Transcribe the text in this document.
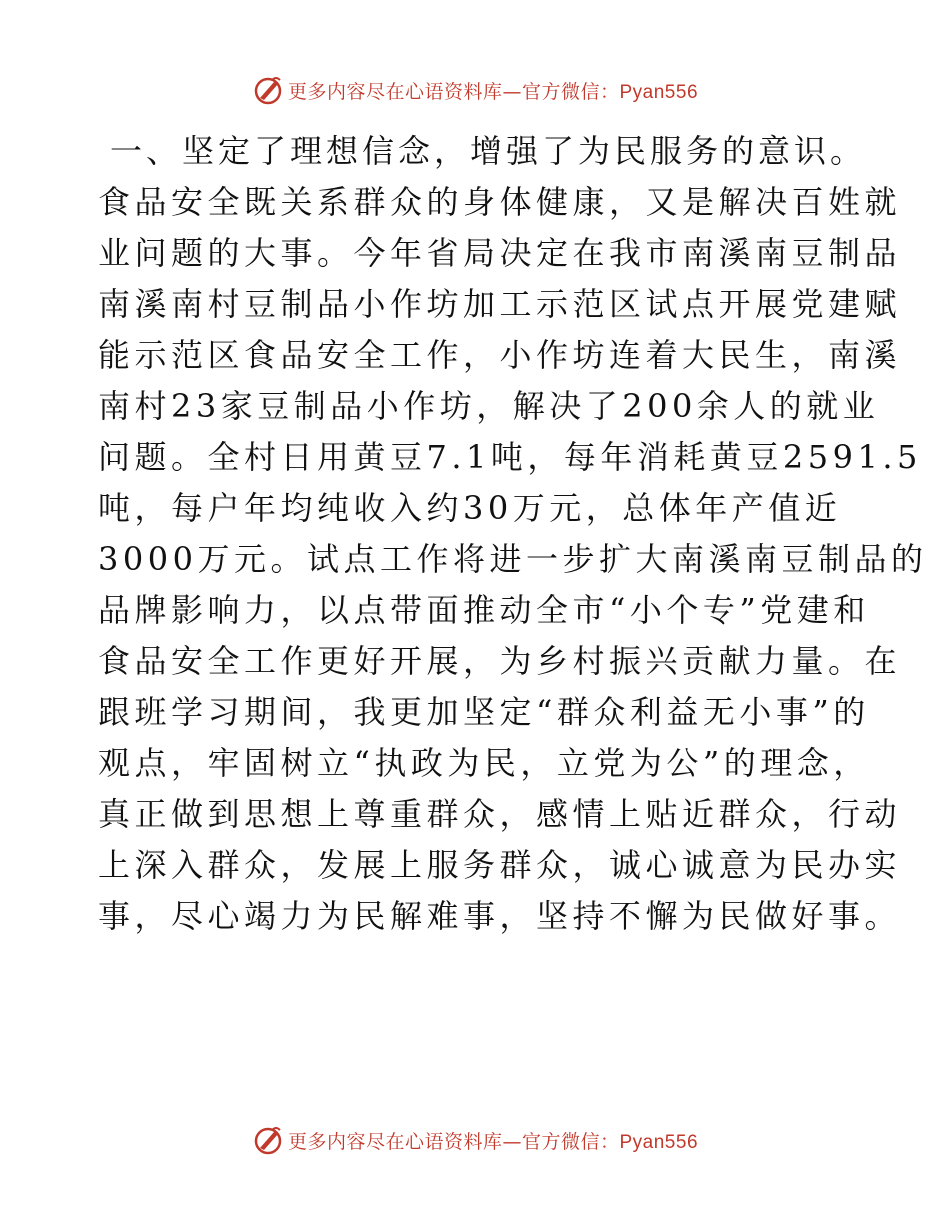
更多内容尽在心语资料库—官方微信：Pyan556
一、坚定了理想信念，增强了为民服务的意识。

食品安全既关系群众的身体健康，又是解决百姓就

业问题的大事。今年省局决定在我市南溪南豆制品

南溪南村豆制品小作坊加工示范区试点开展党建赋

能示范区食品安全工作，小作坊连着大民生，南溪

南村23家豆制品小作坊，解决了200余人的就业

问题。全村日用黄豆7.1吨，每年消耗黄豆2591.5

吨，每户年均纯收入约30万元，总体年产值近

3000万元。试点工作将进一步扩大南溪南豆制品的

品牌影响力，以点带面推动全市“小个专”党建和

食品安全工作更好开展，为乡村振兴贡献力量。在

跟班学习期间，我更加坚定“群众利益无小事”的

观点，牢固树立“执政为民，立党为公”的理念，

真正做到思想上尊重群众，感情上贴近群众，行动

上深入群众，发展上服务群众，诚心诚意为民办实

事，尽心竭力为民解难事，坚持不懈为民做好事。

更多内容尽在心语资料库—官方微信：Pyan556
